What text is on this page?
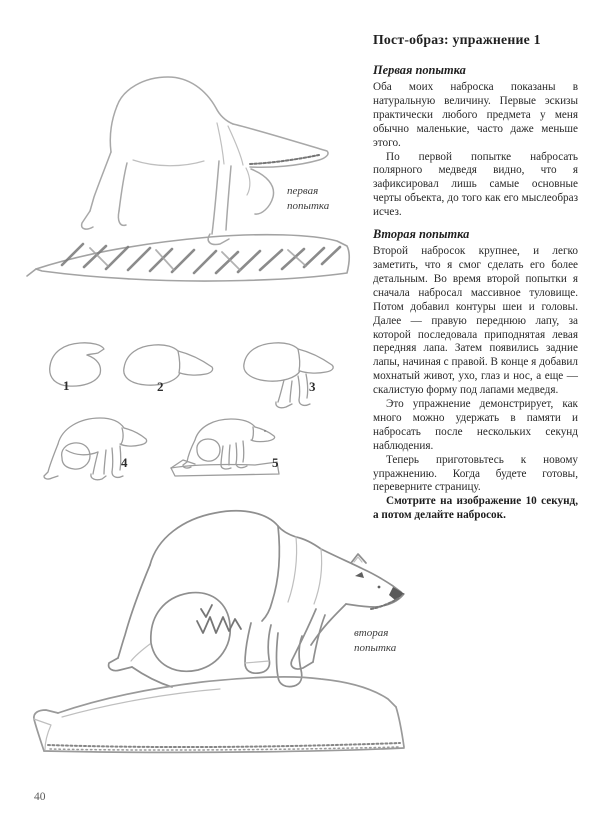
Пост-образ: упражнение 1
Первая попытка

Оба моих наброска показаны в натуральную величину. Первые эскизы практически любого предмета у меня обычно маленькие, часто даже меньше этого.

По первой попытке набросать полярного медведя видно, что я зафиксировал лишь самые основные черты объекта, до того как его мыслеобраз исчез.

Вторая попытка

Второй набросок крупнее, и легко заметить, что я смог сделать его более детальным. Во время второй попытки я сначала набросал массивное туловище. Потом добавил контуры шеи и головы. Далее — правую переднюю лапу, за которой последовала приподнятая левая передняя лапа. Затем появились задние лапы, начиная с правой. В конце я добавил мохнатый живот, ухо, глаз и нос, а еще — скалистую форму под лапами медведя.

Это упражнение демонстрирует, как много можно удержать в памяти и набросать после нескольких секунд наблюдения.

Теперь приготовьтесь к новому упражнению. Когда будете готовы, переверните страницу.

Смотрите на изображение 10 секунд, а потом делайте набросок.

первая попытка
1	2	3
4	5
вторая попытка
40
